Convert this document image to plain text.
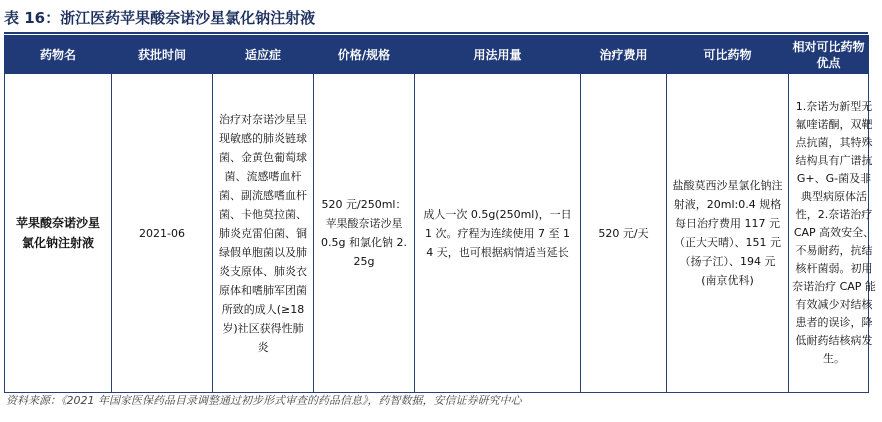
表 16：浙江医药苹果酸奈诺沙星氯化钠注射液
药物名	获批时间	适应症	价格/规格	用法用量	治疗费用	可比药物	相对可比药物优点

苹果酸奈诺沙星氯化钠注射液	2021-06	治疗对奈诺沙星呈现敏感的肺炎链球菌、金黄色葡萄球菌、流感嗜血杆菌、副流感嗜血杆菌、卡他莫拉菌、肺炎克雷伯菌、铜绿假单胞菌以及肺炎支原体、肺炎衣原体和嗜肺军团菌所致的成人(≥18 岁)社区获得性肺炎	520 元/250ml：苹果酸奈诺沙星 0.5g 和氯化钠 2.25g	成人一次 0.5g(250ml)，一日 1 次。疗程为连续使用 7 至 14 天，也可根据病情适当延长	520 元/天	盐酸莫西沙星氯化钠注射液，20ml:0.4 规格每日治疗费用 117 元（正大天晴）、151 元（扬子江）、194 元(南京优科)	1.奈诺为新型无氟喹诺酮，双靶点抗菌，其特殊结构具有广谱抗 G+、G-菌及非典型病原体活性，2.奈诺治疗 CAP 高效安全、不易耐药，抗结核杆菌弱。初用奈诺治疗 CAP 能有效减少对结核患者的误诊，降低耐药结核病发生。
资料来源：《2021 年国家医保药品目录调整通过初步形式审查的药品信息》，药智数据，安信证券研究中心
